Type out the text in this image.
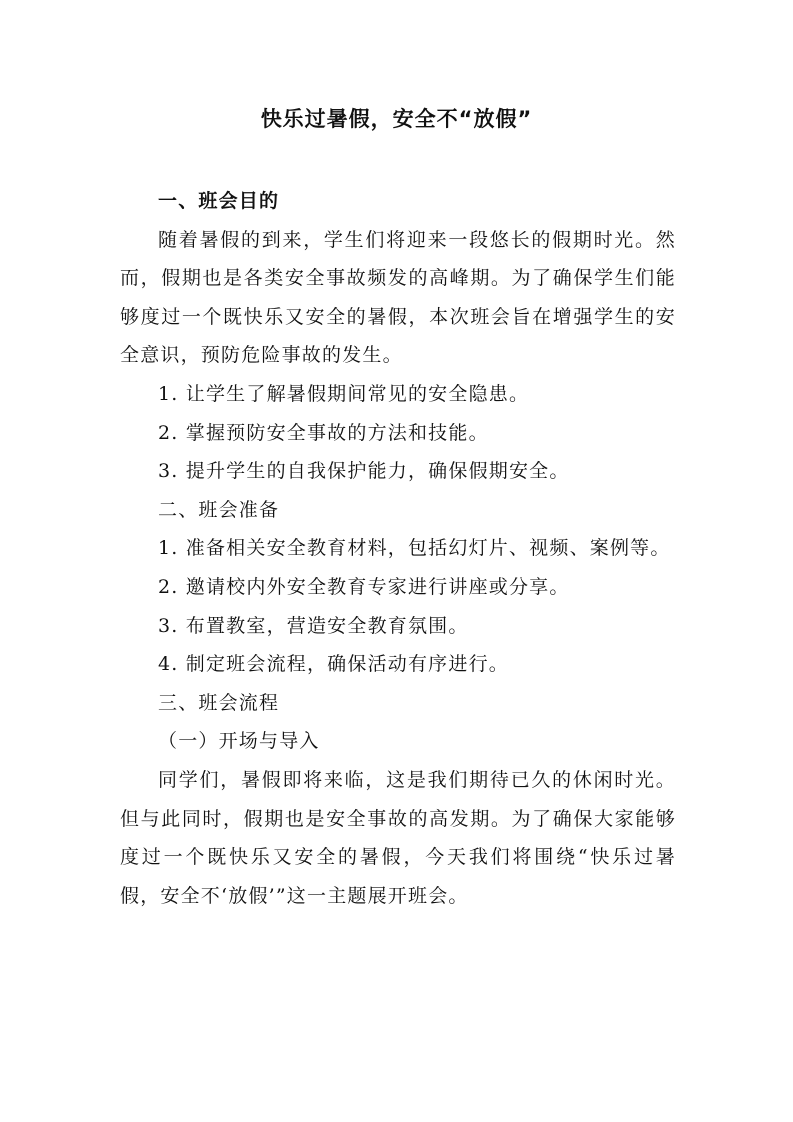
快乐过暑假，安全不“放假”

一、班会目的

随着暑假的到来，学生们将迎来一段悠长的假期时光。然而，假期也是各类安全事故频发的高峰期。为了确保学生们能够度过一个既快乐又安全的暑假，本次班会旨在增强学生的安全意识，预防危险事故的发生。

1. 让学生了解暑假期间常见的安全隐患。

2. 掌握预防安全事故的方法和技能。

3. 提升学生的自我保护能力，确保假期安全。

二、班会准备

1. 准备相关安全教育材料，包括幻灯片、视频、案例等。

2. 邀请校内外安全教育专家进行讲座或分享。

3. 布置教室，营造安全教育氛围。

4. 制定班会流程，确保活动有序进行。

三、班会流程

（一）开场与导入

同学们，暑假即将来临，这是我们期待已久的休闲时光。但与此同时，假期也是安全事故的高发期。为了确保大家能够度过一个既快乐又安全的暑假，今天我们将围绕“快乐过暑假，安全不‘放假’”这一主题展开班会。
